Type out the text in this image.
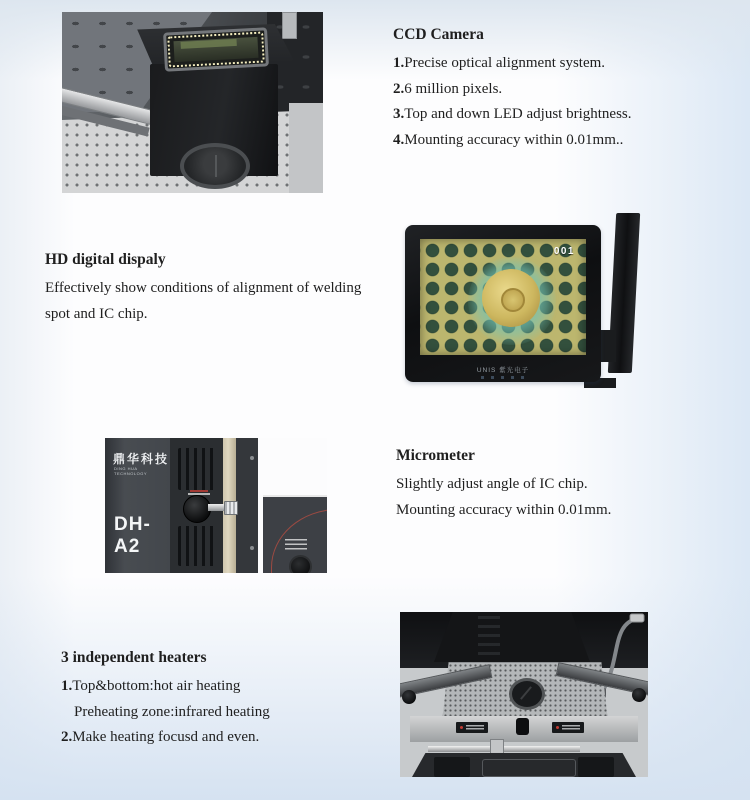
CCD Camera

1.Precise optical alignment system.

2.6 million pixels.

3.Top and down LED adjust brightness.

4.Mounting accuracy within 0.01mm..

HD digital dispaly

Effectively show conditions of alignment of welding

spot and IC chip.

001
UNIS 紫光电子
鼎华科技
DING HUA TECHNOLOGY
DH-A2
Micrometer

Slightly adjust angle of IC chip.

Mounting accuracy within 0.01mm.

3 independent heaters

1.Top&bottom:hot air heating

Preheating zone:infrared heating

2.Make heating focusd and even.
